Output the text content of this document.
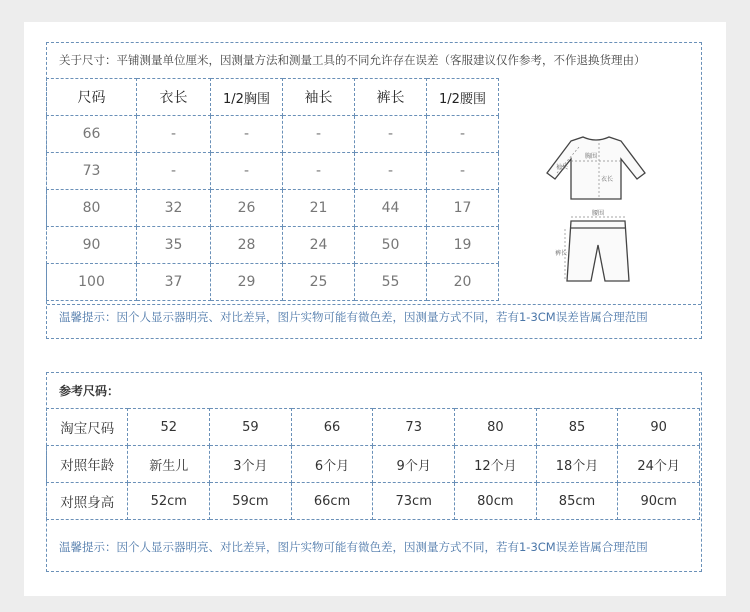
关于尺寸：平铺测量单位厘米，因测量方法和测量工具的不同允许存在误差（客服建议仅作参考，不作退换货理由）
尺码	衣长	1/2胸围	袖长	裤长	1/2腰围
66	-	-	-	-	-
73	-	-	-	-	-
80	32	26	21	44	17
90	35	28	24	50	19
100	37	29	25	55	20
胸围
衣长
袖长
腰围
裤长
温馨提示：因个人显示器明亮、对比差异，图片实物可能有微色差，因测量方式不同，若有1-3CM误差皆属合理范围
参考尺码：
淘宝尺码	52	59	66	73	80	85	90
对照年龄	新生儿	3个月	6个月	9个月	12个月	18个月	24个月
对照身高	52cm	59cm	66cm	73cm	80cm	85cm	90cm
温馨提示：因个人显示器明亮、对比差异，图片实物可能有微色差，因测量方式不同，若有1-3CM误差皆属合理范围
